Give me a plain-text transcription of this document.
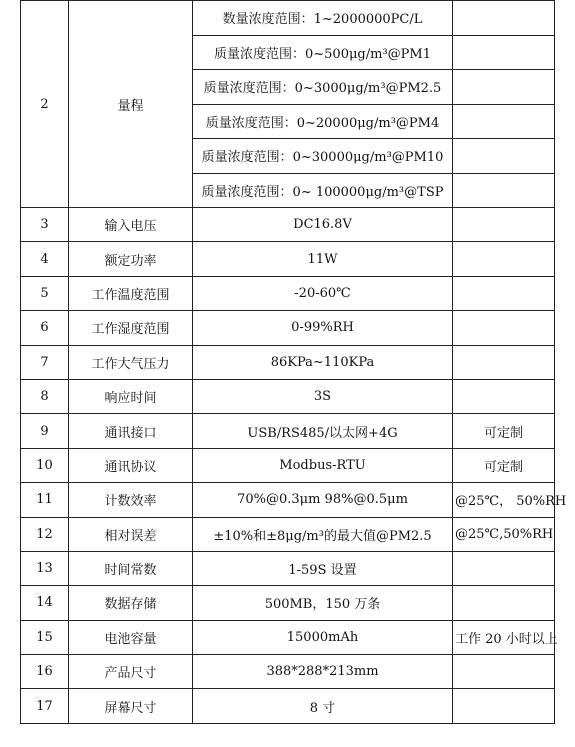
2	量程	数量浓度范围：1~2000000PC/L	
		质量浓度范围：0~500μg/m³@PM1	
		质量浓度范围：0~3000μg/m³@PM2.5	
		质量浓度范围：0~20000μg/m³@PM4	
		质量浓度范围：0~30000μg/m³@PM10	
		质量浓度范围：0~ 100000μg/m³@TSP	
3	输入电压	DC16.8V	
4	额定功率	11W	
5	工作温度范围	-20-60℃	
6	工作湿度范围	0-99%RH	
7	工作大气压力	86KPa~110KPa	
8	响应时间	3S	
9	通讯接口	USB/RS485/以太网+4G	可定制
10	通讯协议	Modbus-RTU	可定制
11	计数效率	70%@0.3μm 98%@0.5μm	@25℃， 50%RH
12	相对误差	±10%和±8μg/m³的最大值@PM2.5	@25℃,50%RH
13	时间常数	1-59S 设置	
14	数据存储	500MB，150 万条	
15	电池容量	15000mAh	工作 20 小时以上
16	产品尺寸	388*288*213mm	
17	屏幕尺寸	8 寸	
